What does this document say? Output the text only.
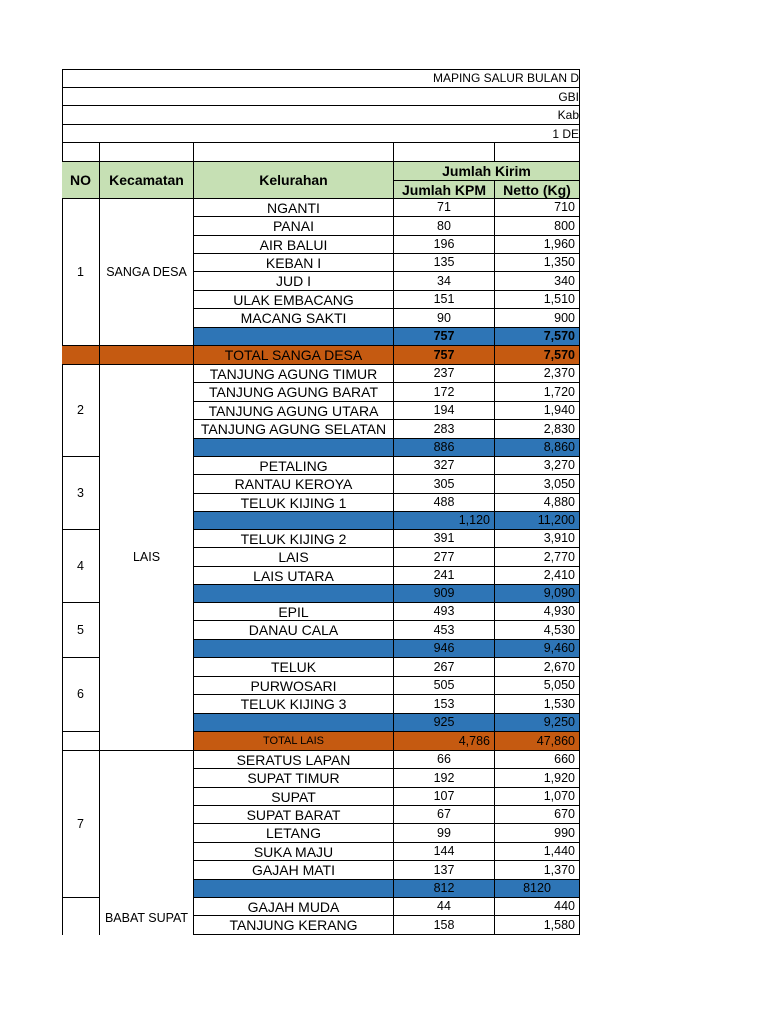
MAPING SALUR BULAN D
GBI
Kab
1 DE
NO	Kecamatan	Kelurahan
Jumlah Kirim
Jumlah KPM	Netto (Kg)
1	SANGA DESA
NGANTI	71	710
PANAI	80	800
AIR BALUI	196	1,960
KEBAN I	135	1,350
JUD I	34	340
ULAK EMBACANG	151	1,510
MACANG SAKTI	90	900
757	7,570
TOTAL SANGA DESA	757	7,570
LAIS
2
TANJUNG AGUNG TIMUR	237	2,370
TANJUNG AGUNG BARAT	172	1,720
TANJUNG AGUNG UTARA	194	1,940
TANJUNG AGUNG SELATAN	283	2,830
886	8,860
3
PETALING	327	3,270
RANTAU KEROYA	305	3,050
TELUK KIJING 1	488	4,880
1,120	11,200
4
TELUK KIJING 2	391	3,910
LAIS	277	2,770
LAIS UTARA	241	2,410
909	9,090
5
EPIL	493	4,930
DANAU CALA	453	4,530
946	9,460
6
TELUK	267	2,670
PURWOSARI	505	5,050
TELUK KIJING 3	153	1,530
925	9,250
TOTAL LAIS	4,786	47,860
7
SERATUS LAPAN	66	660
SUPAT TIMUR	192	1,920
SUPAT	107	1,070
SUPAT BARAT	67	670
LETANG	99	990
SUKA MAJU	144	1,440
GAJAH MATI	137	1,370
812	8120
BABAT SUPAT
GAJAH MUDA	44	440
TANJUNG KERANG	158	1,580
